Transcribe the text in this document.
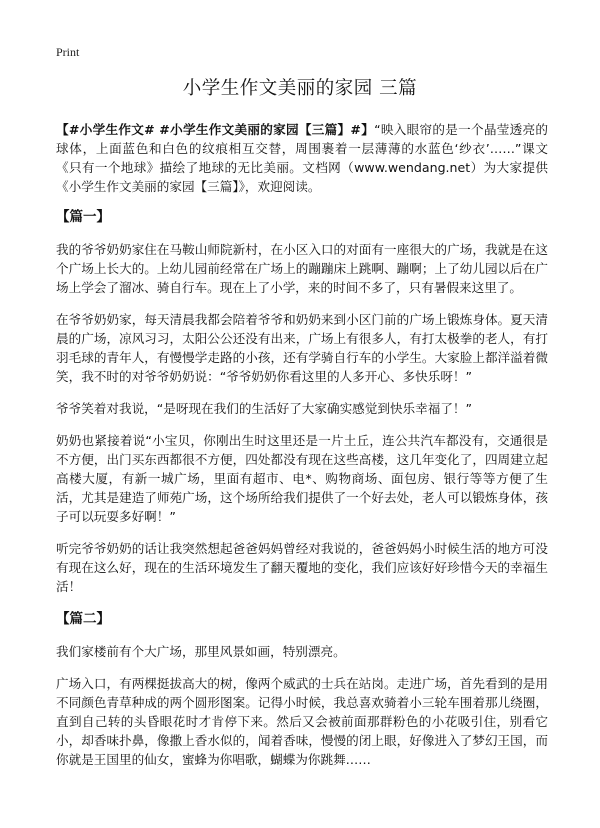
Print
小学生作文美丽的家园 三篇

【#小学生作文# #小学生作文美丽的家园【三篇】#】“映入眼帘的是一个晶莹透亮的球体，上面蓝色和白色的纹痕相互交替，周围裹着一层薄薄的水蓝色‘纱衣’……”课文《只有一个地球》描绘了地球的无比美丽。文档网（www.wendang.net）为大家提供《小学生作文美丽的家园【三篇】》，欢迎阅读。

【篇一】

我的爷爷奶奶家住在马鞍山师院新村，在小区入口的对面有一座很大的广场，我就是在这个广场上长大的。上幼儿园前经常在广场上的蹦蹦床上跳啊、蹦啊；上了幼儿园以后在广场上学会了溜冰、骑自行车。现在上了小学，来的时间不多了，只有暑假来这里了。

在爷爷奶奶家，每天清晨我都会陪着爷爷和奶奶来到小区门前的广场上锻炼身体。夏天清晨的广场，凉风习习，太阳公公还没有出来，广场上有很多人，有打太极拳的老人，有打羽毛球的青年人，有慢慢学走路的小孩，还有学骑自行车的小学生。大家脸上都洋溢着微笑，我不时的对爷爷奶奶说：“爷爷奶奶你看这里的人多开心、多快乐呀！”

爷爷笑着对我说，“是呀现在我们的生活好了大家确实感觉到快乐幸福了！”

奶奶也紧接着说“小宝贝，你刚出生时这里还是一片土丘，连公共汽车都没有，交通很是不方便，出门买东西都很不方便，四处都没有现在这些高楼，这几年变化了，四周建立起高楼大厦，有新一城广场，里面有超市、电*、购物商场、面包房、银行等等方便了生活，尤其是建造了师苑广场，这个场所给我们提供了一个好去处，老人可以锻炼身体，孩子可以玩耍多好啊！”

听完爷爷奶奶的话让我突然想起爸爸妈妈曾经对我说的，爸爸妈妈小时候生活的地方可没有现在这么好，现在的生活环境发生了翻天覆地的变化，我们应该好好珍惜今天的幸福生活！

【篇二】

我们家楼前有个大广场，那里风景如画，特别漂亮。

广场入口，有两棵挺拔高大的树，像两个威武的士兵在站岗。走进广场，首先看到的是用不同颜色青草种成的两个圆形图案。记得小时候，我总喜欢骑着小三轮车围着那儿绕圈，直到自己转的头昏眼花时才肯停下来。然后又会被前面那群粉色的小花吸引住，别看它小，却香味扑鼻，像撒上香水似的，闻着香味，慢慢的闭上眼，好像进入了梦幻王国，而你就是王国里的仙女，蜜蜂为你唱歌，蝴蝶为你跳舞……
